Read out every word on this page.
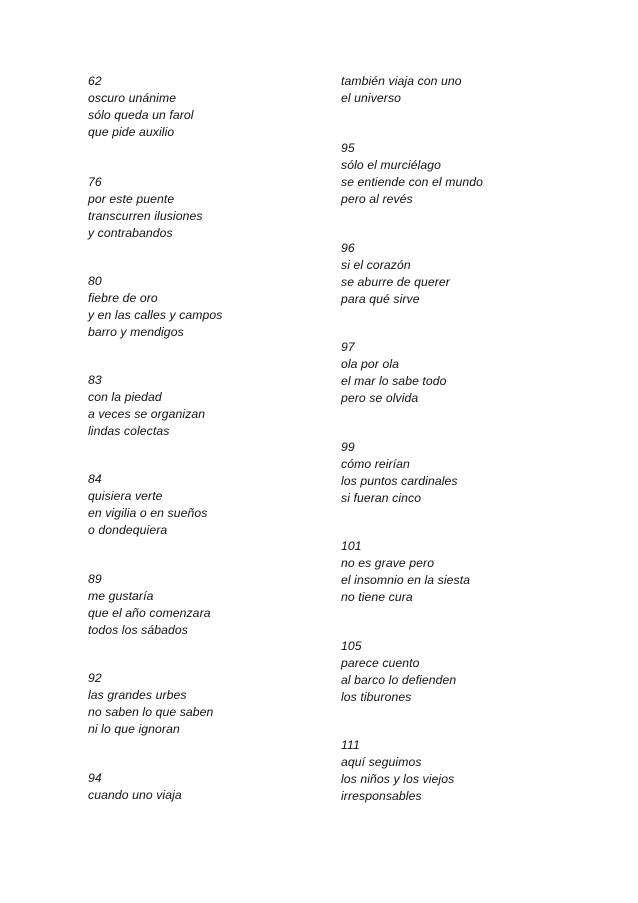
62
oscuro unánime
sólo queda un farol
que pide auxilio
76
por este puente
transcurren ilusiones
y contrabandos
80
fiebre de oro
y en las calles y campos
barro y mendigos
83
con la piedad
a veces se organizan
lindas colectas
84
quisiera verte
en vigilia o en sueños
o dondequiera
89
me gustaría
que el año comenzara
todos los sábados
92
las grandes urbes
no saben lo que saben
ni lo que ignoran
94
cuando uno viaja
también viaja con uno
el universo
95
sólo el murciélago
se entiende con el mundo
pero al revés
96
si el corazón
se aburre de querer
para qué sirve
97
ola por ola
el mar lo sabe todo
pero se olvida
99
cómo reirían
los puntos cardinales
si fueran cinco
101
no es grave pero
el insomnio en la siesta
no tiene cura
105
parece cuento
al barco lo defienden
los tiburones
111
aquí seguimos
los niños y los viejos
irresponsables
